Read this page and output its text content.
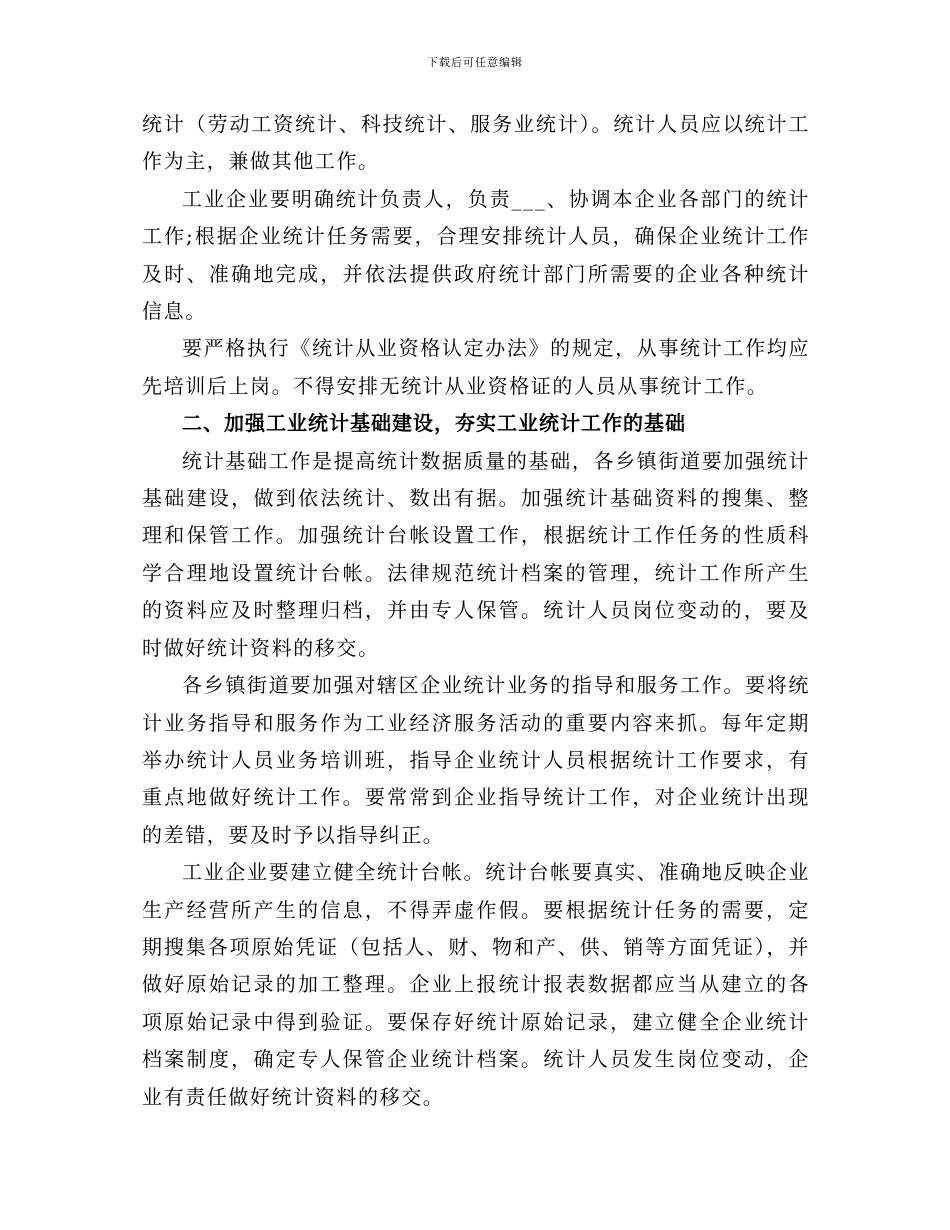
下载后可任意编辑

统计（劳动工资统计、科技统计、服务业统计）。统计人员应以统计工作为主，兼做其他工作。

工业企业要明确统计负责人，负责___、协调本企业各部门的统计工作;根据企业统计任务需要，合理安排统计人员，确保企业统计工作及时、准确地完成，并依法提供政府统计部门所需要的企业各种统计信息。

要严格执行《统计从业资格认定办法》的规定，从事统计工作均应先培训后上岗。不得安排无统计从业资格证的人员从事统计工作。

二、加强工业统计基础建设，夯实工业统计工作的基础

统计基础工作是提高统计数据质量的基础，各乡镇街道要加强统计基础建设，做到依法统计、数出有据。加强统计基础资料的搜集、整理和保管工作。加强统计台帐设置工作，根据统计工作任务的性质科学合理地设置统计台帐。法律规范统计档案的管理，统计工作所产生的资料应及时整理归档，并由专人保管。统计人员岗位变动的，要及时做好统计资料的移交。

各乡镇街道要加强对辖区企业统计业务的指导和服务工作。要将统计业务指导和服务作为工业经济服务活动的重要内容来抓。每年定期举办统计人员业务培训班，指导企业统计人员根据统计工作要求，有重点地做好统计工作。要常常到企业指导统计工作，对企业统计出现的差错，要及时予以指导纠正。

工业企业要建立健全统计台帐。统计台帐要真实、准确地反映企业生产经营所产生的信息，不得弄虚作假。要根据统计任务的需要，定期搜集各项原始凭证（包括人、财、物和产、供、销等方面凭证），并做好原始记录的加工整理。企业上报统计报表数据都应当从建立的各项原始记录中得到验证。要保存好统计原始记录，建立健全企业统计档案制度，确定专人保管企业统计档案。统计人员发生岗位变动，企业有责任做好统计资料的移交。
